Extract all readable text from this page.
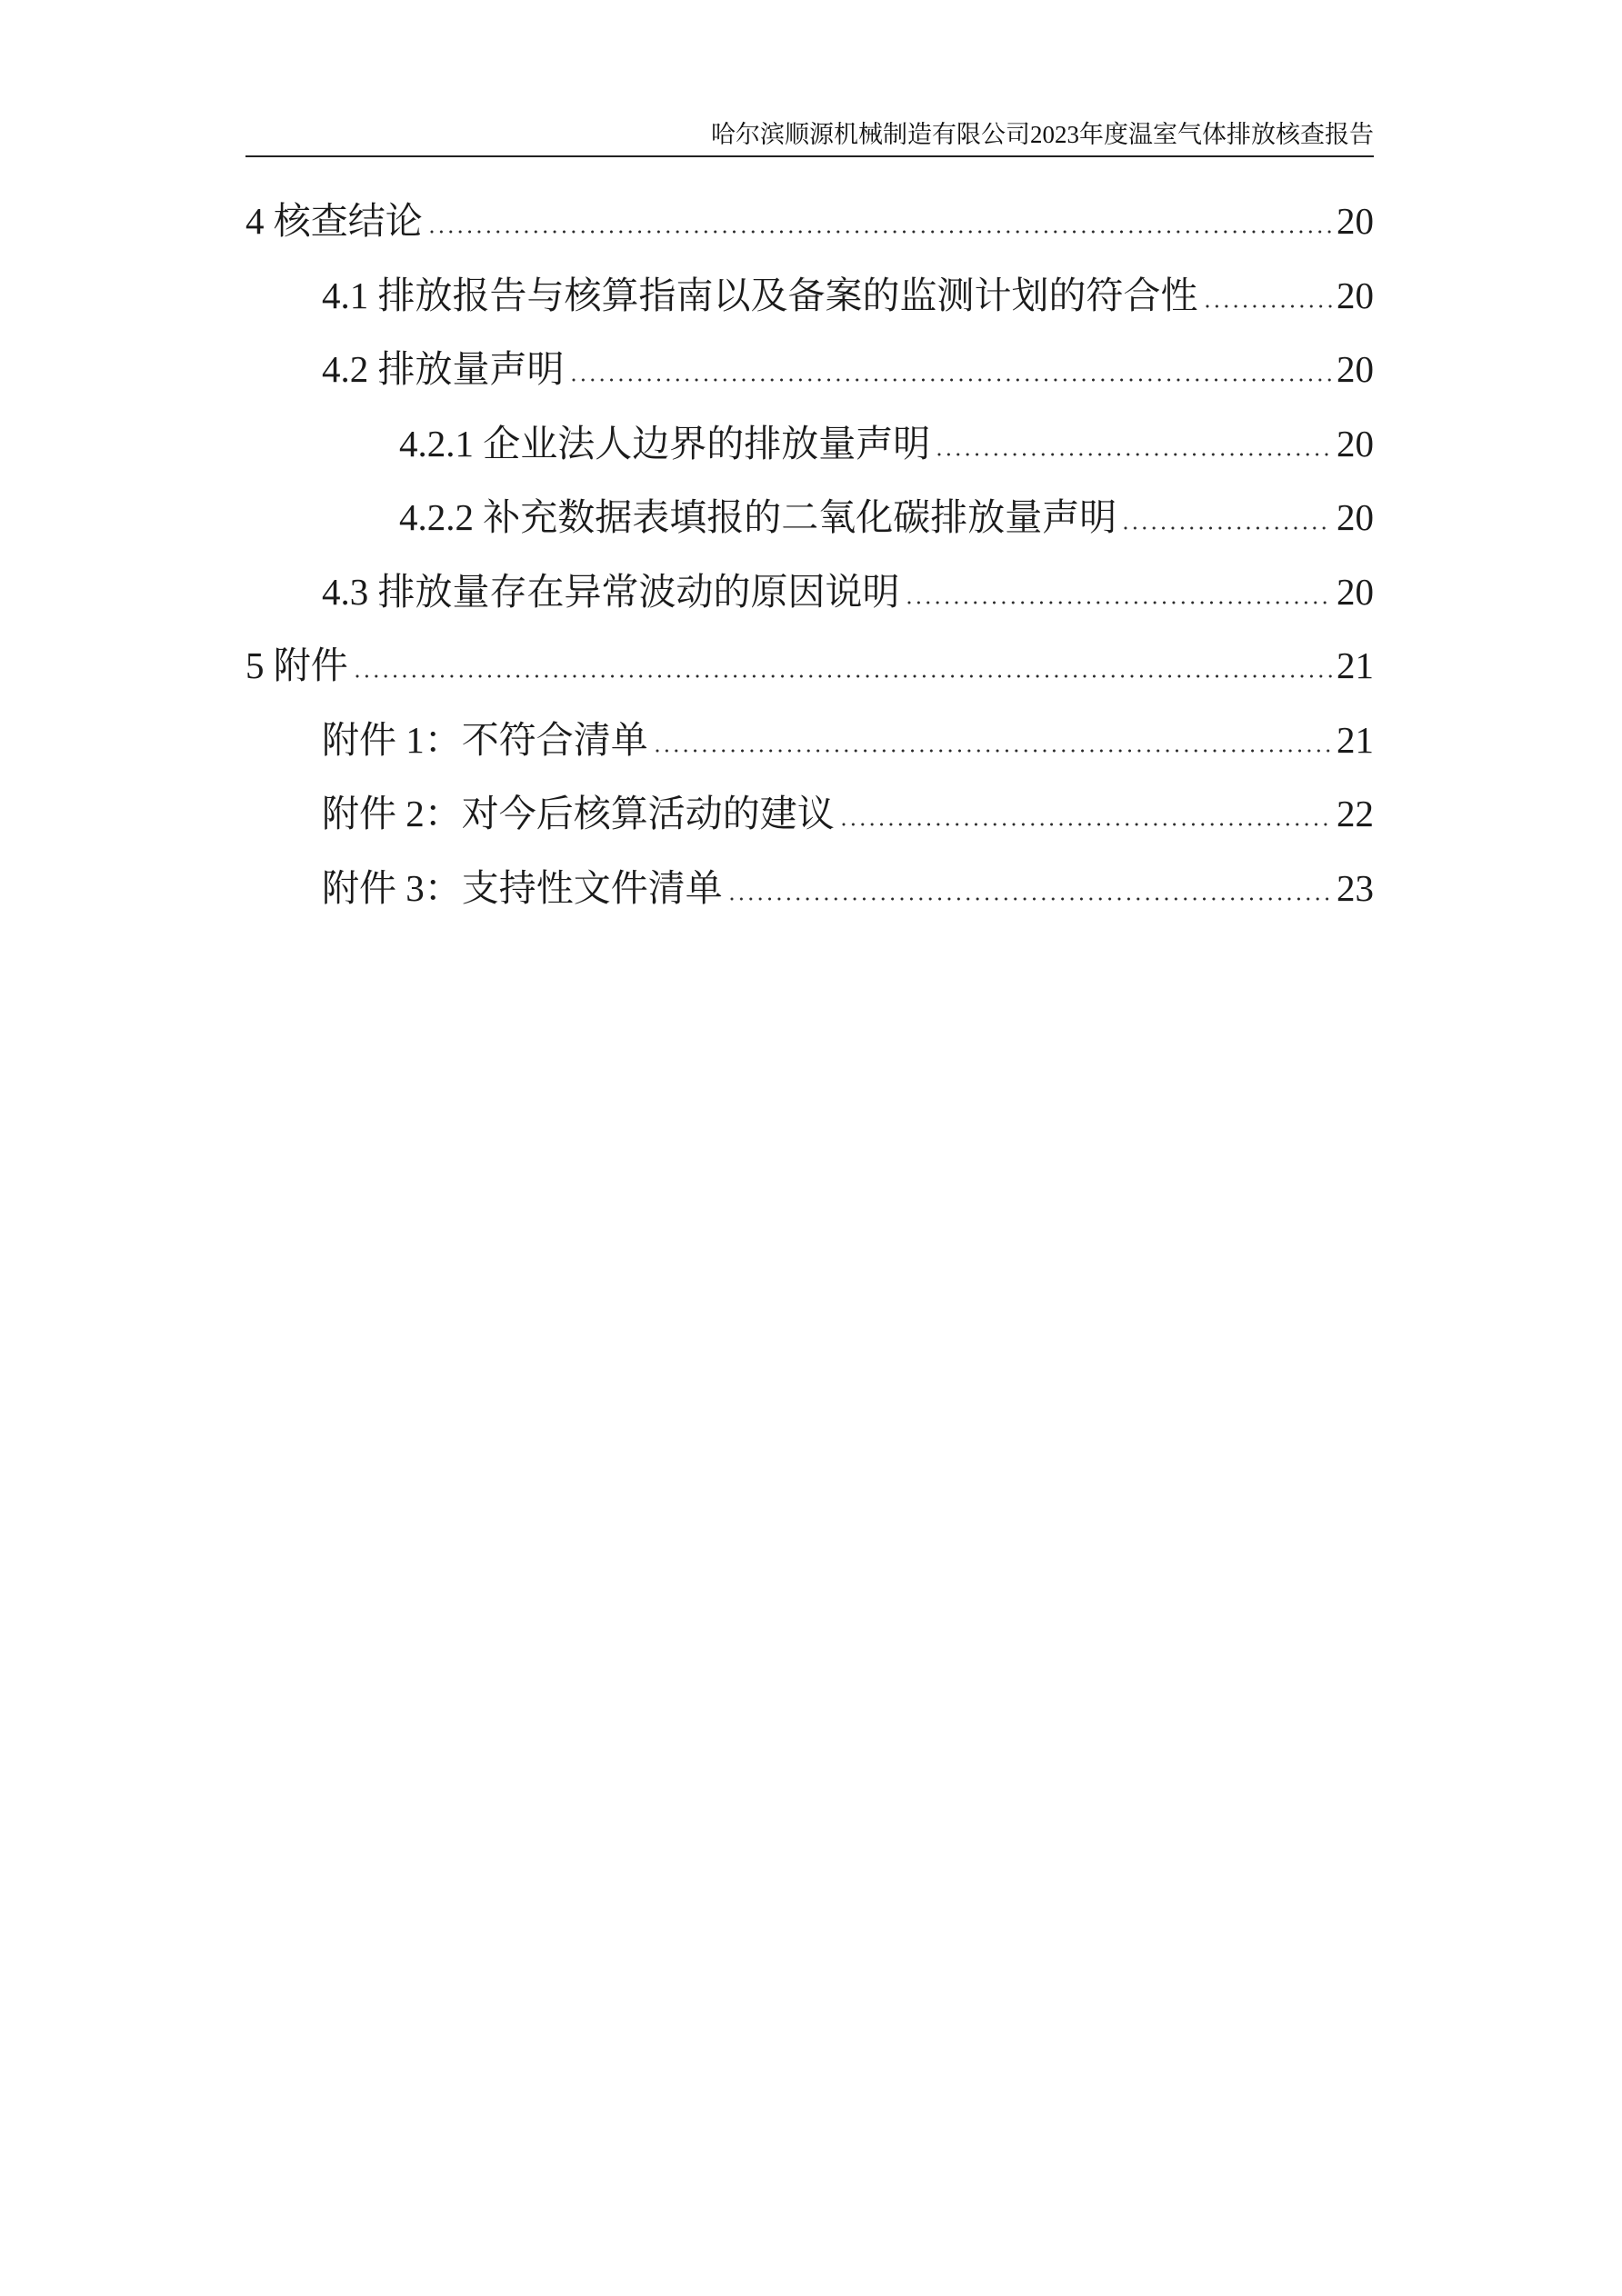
哈尔滨顺源机械制造有限公司2023年度温室气体排放核查报告
4 核查结论	20
4.1 排放报告与核算指南以及备案的监测计划的符合性	20
4.2 排放量声明	20
4.2.1 企业法人边界的排放量声明	20
4.2.2 补充数据表填报的二氧化碳排放量声明	20
4.3 排放量存在异常波动的原因说明	20
5 附件	21
附件 1：不符合清单	21
附件 2：对今后核算活动的建议	22
附件 3：支持性文件清单	23
